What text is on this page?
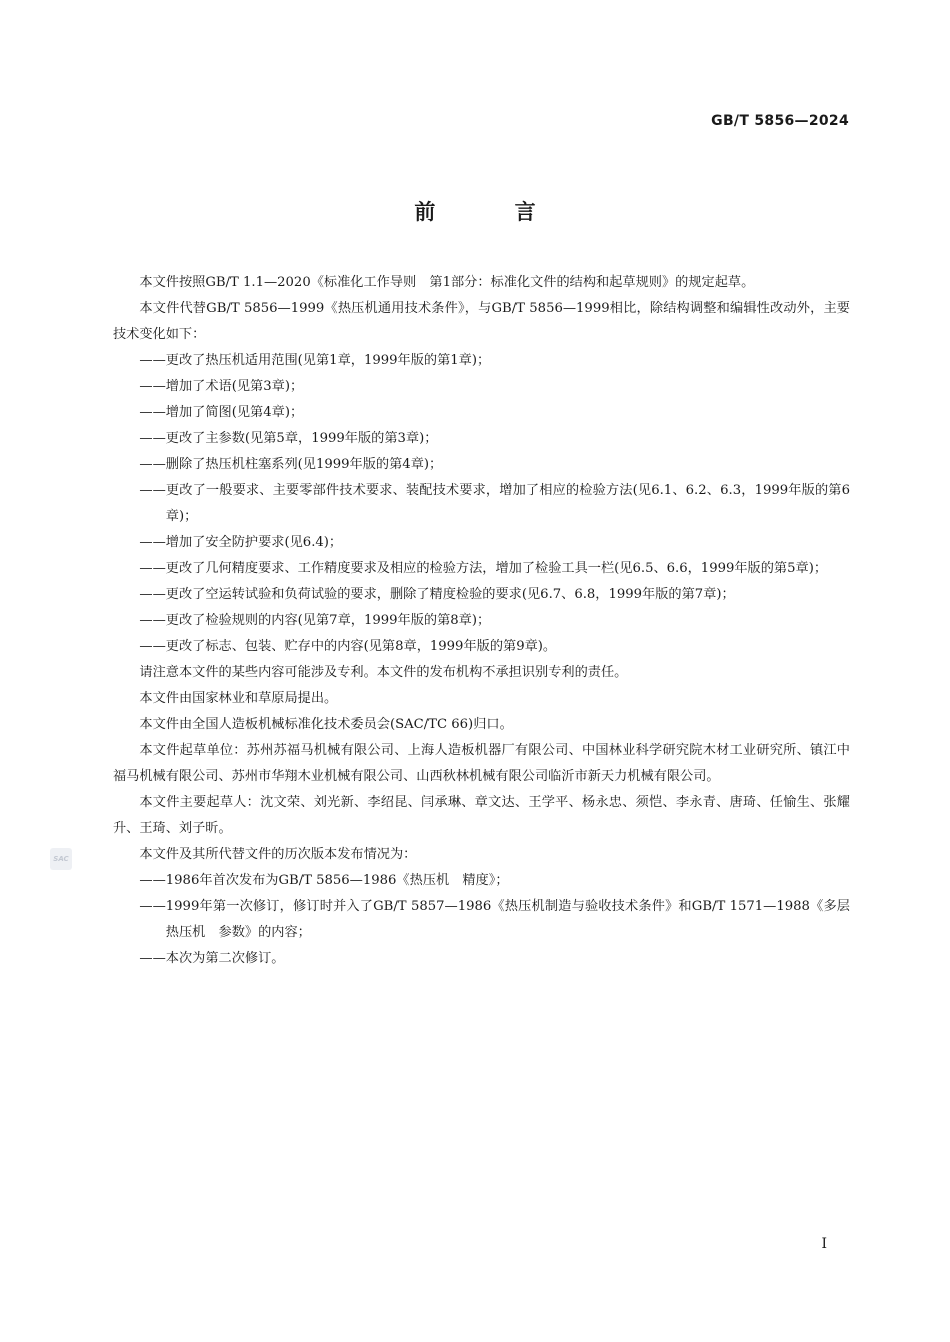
GB/T 5856—2024
前 言
本文件按照GB/T 1.1—2020《标准化工作导则　第1部分：标准化文件的结构和起草规则》的规定起草。
本文件代替GB/T 5856—1999《热压机通用技术条件》，与GB/T 5856—1999相比，除结构调整和编辑性改动外，主要技术变化如下：
——更改了热压机适用范围(见第1章，1999年版的第1章)；
——增加了术语(见第3章)；
——增加了简图(见第4章)；
——更改了主参数(见第5章，1999年版的第3章)；
——删除了热压机柱塞系列(见1999年版的第4章)；
——更改了一般要求、主要零部件技术要求、装配技术要求，增加了相应的检验方法(见6.1、6.2、6.3，1999年版的第6章)；
——增加了安全防护要求(见6.4)；
——更改了几何精度要求、工作精度要求及相应的检验方法，增加了检验工具一栏(见6.5、6.6，1999年版的第5章)；
——更改了空运转试验和负荷试验的要求，删除了精度检验的要求(见6.7、6.8，1999年版的第7章)；
——更改了检验规则的内容(见第7章，1999年版的第8章)；
——更改了标志、包装、贮存中的内容(见第8章，1999年版的第9章)。
请注意本文件的某些内容可能涉及专利。本文件的发布机构不承担识别专利的责任。
本文件由国家林业和草原局提出。
本文件由全国人造板机械标准化技术委员会(SAC/TC 66)归口。
本文件起草单位：苏州苏福马机械有限公司、上海人造板机器厂有限公司、中国林业科学研究院木材工业研究所、镇江中福马机械有限公司、苏州市华翔木业机械有限公司、山西秋林机械有限公司临沂市新天力机械有限公司。
本文件主要起草人：沈文荣、刘光新、李绍昆、闫承琳、章文达、王学平、杨永忠、须恺、李永青、唐琦、任愉生、张耀升、王琦、刘子昕。
本文件及其所代替文件的历次版本发布情况为：
——1986年首次发布为GB/T 5856—1986《热压机　精度》；
——1999年第一次修订，修订时并入了GB/T 5857—1986《热压机制造与验收技术条件》和GB/T 1571—1988《多层热压机　参数》的内容；
——本次为第二次修订。
SAC
I
